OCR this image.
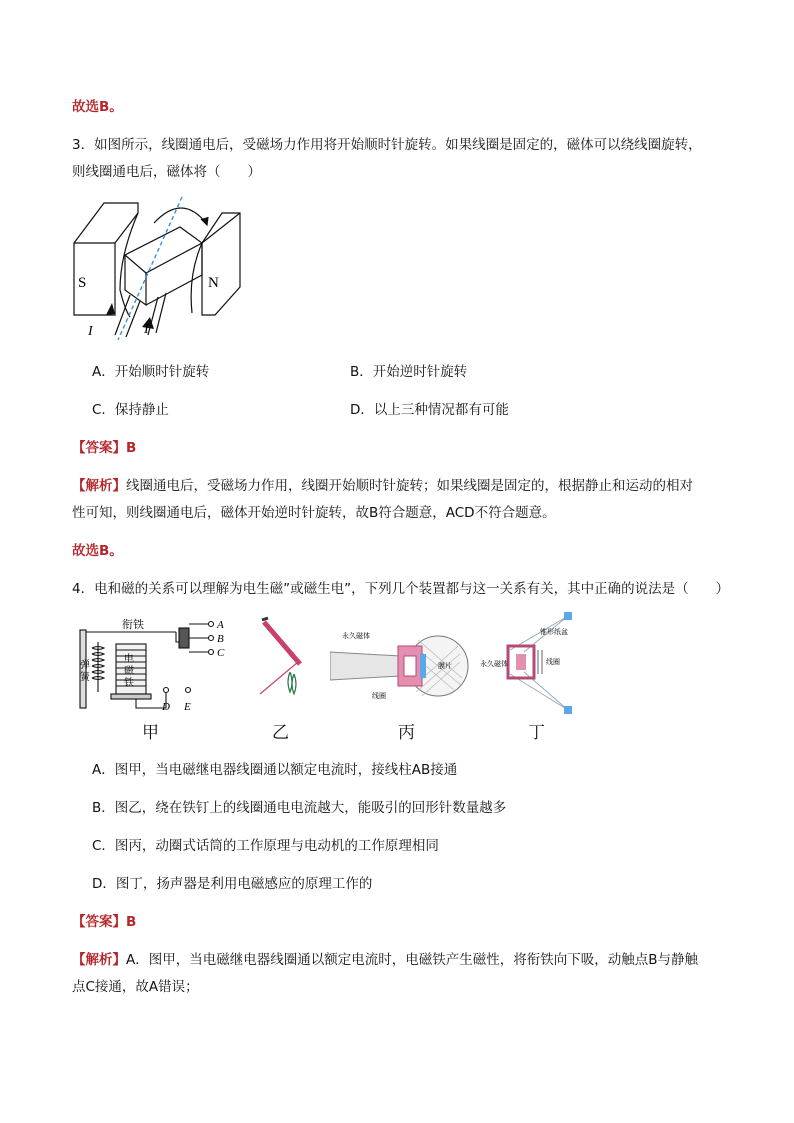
故选B。
3．如图所示，线圈通电后，受磁场力作用将开始顺时针旋转。如果线圈是固定的，磁体可以绕线圈旋转，
则线圈通电后，磁体将（　　）
S	N
I	I
A．开始顺时针旋转	B．开始逆时针旋转
C．保持静止	D．以上三种情况都有可能
【答案】B
【解析】线圈通电后，受磁场力作用，线圈开始顺时针旋转；如果线圈是固定的，根据静止和运动的相对
性可知，则线圈通电后，磁体开始逆时针旋转，故B符合题意，ACD不符合题意。
故选B。
4．电和磁的关系可以理解为电生磁”或磁生电”，下列几个装置都与这一关系有关，其中正确的说法是（　　）
衔铁
弹
簧
电
磁
铁
A
B
C
D E
甲	乙
永久磁体
膜片
线圈
丙
锥形纸盆
永久磁体	线圈
丁
A．图甲，当电磁继电器线圈通以额定电流时，接线柱AB接通
B．图乙，绕在铁钉上的线圈通电电流越大，能吸引的回形针数量越多
C．图丙，动圈式话筒的工作原理与电动机的工作原理相同
D．图丁，扬声器是利用电磁感应的原理工作的
【答案】B
【解析】A．图甲，当电磁继电器线圈通以额定电流时，电磁铁产生磁性，将衔铁向下吸，动触点B与静触
点C接通，故A错误；
